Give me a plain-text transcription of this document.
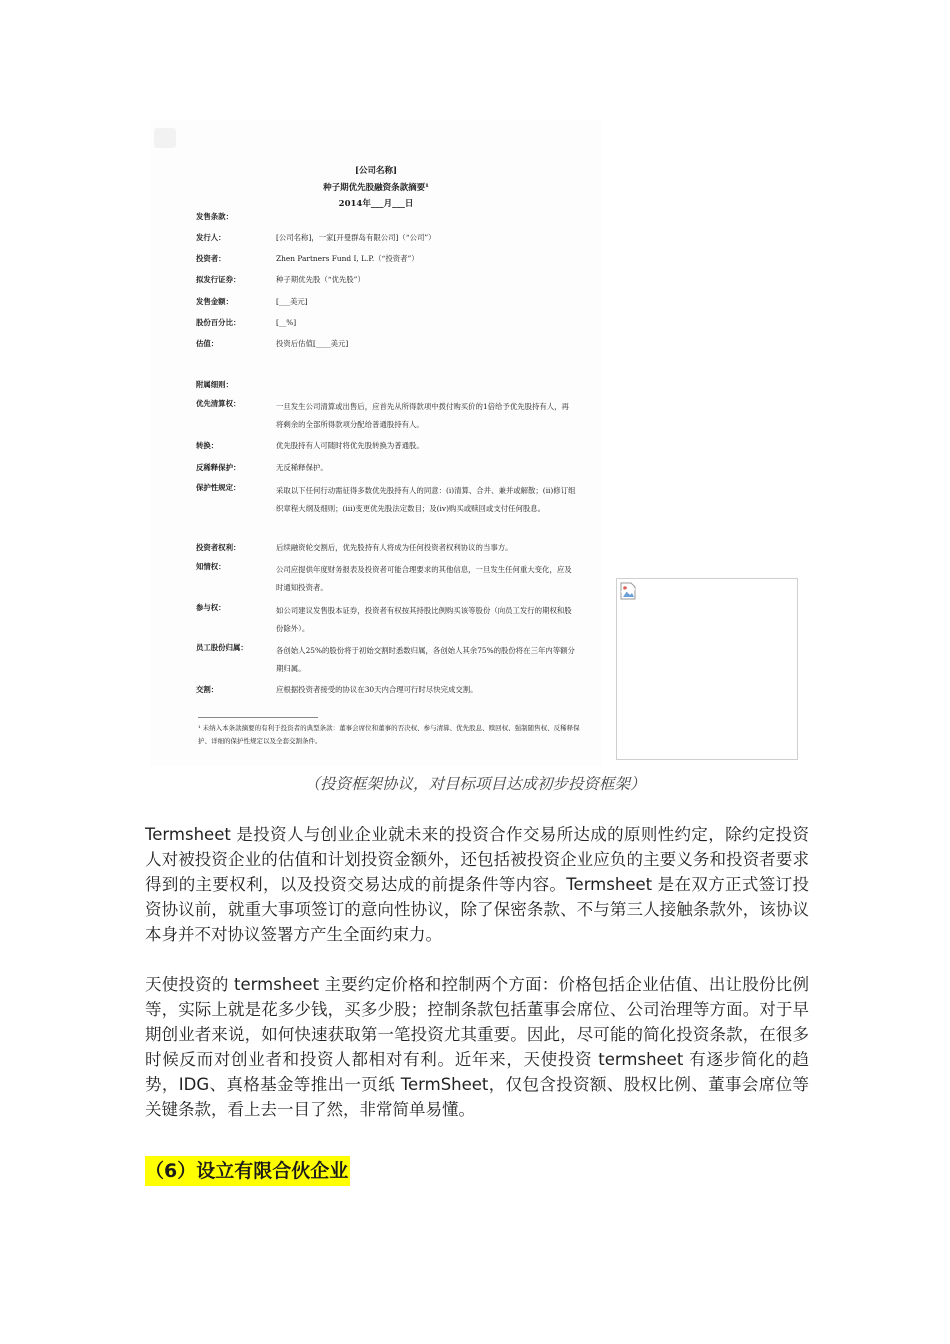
[公司名称]
种子期优先股融资条款摘要¹
2014年___月___日
发售条款：
发行人：	[公司名称]，一家[开曼群岛有限公司]（“公司”）
投资者：	Zhen Partners Fund I, L.P.（“投资者”）
拟发行证券：	种子期优先股（“优先股”）
发售金额：	[___美元]
股份百分比：	[__%]
估值：	投资后估值[____美元]
附属细则：
优先清算权：	一旦发生公司清算或出售后，应首先从所得款项中拨付购买价的1倍给予优先股持有人，再将剩余的全部所得款项分配给普通股持有人。
转换：	优先股持有人可随时将优先股转换为普通股。
反稀释保护：	无反稀释保护。
保护性规定：	采取以下任何行动需征得多数优先股持有人的同意：(i)清算、合并、兼并或解散；(ii)修订组织章程大纲及细则；(iii)变更优先股法定数目；及(iv)购买或赎回或支付任何股息。
投资者权利：	后续融资轮交割后，优先股持有人将成为任何投资者权利协议的当事方。
知情权：	公司应提供年度财务报表及投资者可能合理要求的其他信息，一旦发生任何重大变化，应及时通知投资者。
参与权：	如公司建议发售股本证券，投资者有权按其持股比例购买该等股份（向员工发行的期权和股份除外）。
员工股份归属：	各创始人25%的股份将于初始交割时悉数归属，各创始人其余75%的股份将在三年内等额分期归属。
交割：	应根据投资者接受的协议在30天内合理可行时尽快完成交割。
¹ 未纳入本条款摘要的有利于投资者的典型条款：董事会席位和董事的否决权、参与清算、优先股息、赎回权、强制随售权、反稀释保护、详细的保护性规定以及全套交割条件。
（投资框架协议，对目标项目达成初步投资框架）

Termsheet 是投资人与创业企业就未来的投资合作交易所达成的原则性约定，除约定投资人对被投资企业的估值和计划投资金额外，还包括被投资企业应负的主要义务和投资者要求得到的主要权利，以及投资交易达成的前提条件等内容。Termsheet 是在双方正式签订投资协议前，就重大事项签订的意向性协议，除了保密条款、不与第三人接触条款外，该协议本身并不对协议签署方产生全面约束力。

天使投资的 termsheet 主要约定价格和控制两个方面：价格包括企业估值、出让股份比例等，实际上就是花多少钱，买多少股；控制条款包括董事会席位、公司治理等方面。对于早期创业者来说，如何快速获取第一笔投资尤其重要。因此，尽可能的简化投资条款，在很多时候反而对创业者和投资人都相对有利。近年来，天使投资 termsheet 有逐步简化的趋势，IDG、真格基金等推出一页纸 TermSheet，仅包含投资额、股权比例、董事会席位等关键条款，看上去一目了然，非常简单易懂。

（6）设立有限合伙企业
